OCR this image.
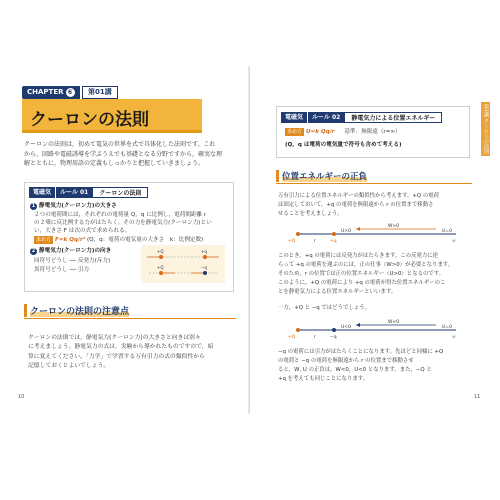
CHAPTER 6	第01講
クーロンの法則
クーロンの法則は，初めて電気の世界を式で具体化した法則です。これ
から，回路や電磁誘導を学ぶうえでも基礎となる分野ですから，確実な理
解とともに，物理用語の定義もしっかりと把握していきましょう。
電磁気	ルール 01	クーロンの法則
1 静電気力(クーロン力)の大きさ
２つの電荷間には，それぞれの電荷量 Q，q に比例し，電荷間距離 r
の２乗に反比例する力がはたらく。その力を静電気力(クーロン力)とい
い，大きさ F は次の式で求められる。
求め方 F=k Qq/r² (Q，q：電荷の電気量の大きさ　k：比例定数)
2 静電気力(クーロン力)の向き
同符号どうし ── 反発力(斥力)
異符号どうし ── 引力
+Q	+q
+Q	−q
クーロンの法則の注意点
クーロンの法則では，静電気力(クーロン力)の大きさと向きは別々
に考えましょう。静電気力の式は，実験から導かれたものですので，暗
算に覚えてください。「力学」で学習する万有引力の式の類似性から
記憶しておくとよいでしょう。
10
第1講 クーロンの法則
電磁気	ルール 02	静電気力による位置エネルギー
求め方 U=k Qq/r 基準：無限遠（r=∞）
(Q，q は電荷の電気量で符号も含めて考える)
位置エネルギーの正負
万有引力による位置エネルギーの類似性から考えます。+Q の電荷
は固定しておいて，+q の電荷を無限遠から r の位置まで移動さ
せることを考えましょう。
+Q	+q
U>0
W>0
U=0
r	∞
このとき，+q の電荷には反発力がはたらきます。この反発力に逆
らって +q の電荷を運ぶのには，正の仕事（W>0）が必要となります。
そのため，r の位置では正の位置エネルギー（U>0）となるのです。
このように，+Q の電荷により +q の電荷が得た位置エネルギーのこ
とを静電気力による位置エネルギーといいます。
一方，+Q と −q ではどうでしょう。
+Q	−q
U<0
W<0
U=0
r	∞
−q の電荷には引力がはたらくことになります。先ほどと同様に +Q
の電荷と −q の電荷を無限遠から r の位置まで移動させ
ると，W, U の正負は，W<0，U<0 となります。また，−Q と
+q を考えても同じことになります。
11
